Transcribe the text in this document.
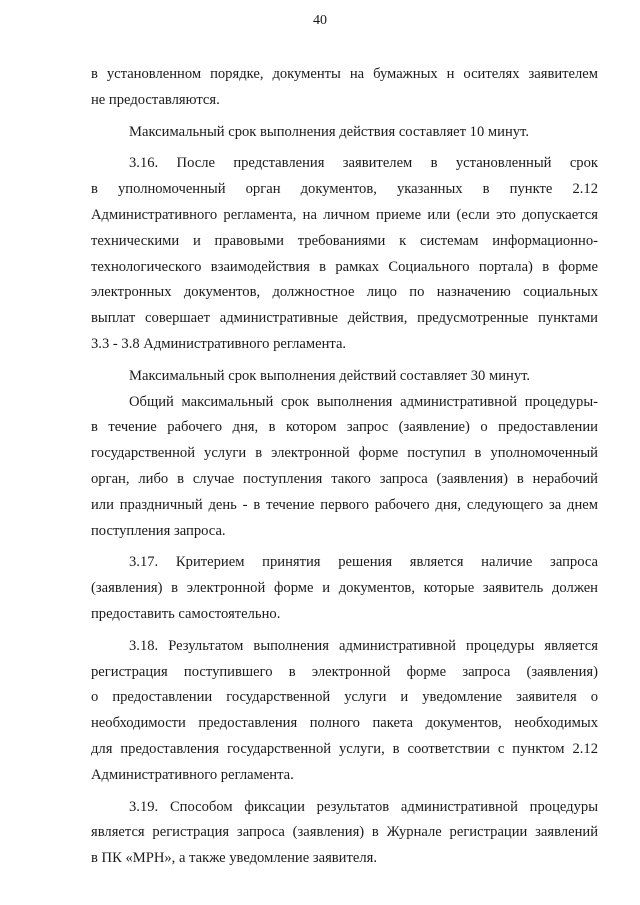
40
в установленном порядке, документы на бумажных н осителях заявителем
не предоставляются.
Максимальный срок выполнения действия составляет 10 минут.
3.16. После представления заявителем в установленный срок
в уполномоченный орган документов, указанных в пункте 2.12
Административного регламента, на личном приеме или (если это допускается
техническими и правовыми требованиями к системам информационно-
технологического взаимодействия в рамках Социального портала) в форме
электронных документов, должностное лицо по назначению социальных
выплат совершает административные действия, предусмотренные пунктами
3.3 - 3.8 Административного регламента.
Максимальный срок выполнения действий составляет 30 минут.
Общий максимальный срок выполнения административной процедуры-
в течение рабочего дня, в котором запрос (заявление) о предоставлении
государственной услуги в электронной форме поступил в уполномоченный
орган, либо в случае поступления такого запроса (заявления) в нерабочий
или праздничный день - в течение первого рабочего дня, следующего за днем
поступления запроса.
3.17. Критерием принятия решения является наличие запроса
(заявления) в электронной форме и документов, которые заявитель должен
предоставить самостоятельно.
3.18. Результатом выполнения административной процедуры является
регистрация поступившего в электронной форме запроса (заявления)
о предоставлении государственной услуги и уведомление заявителя о
необходимости предоставления полного пакета документов, необходимых
для предоставления государственной услуги, в соответствии с пунктом 2.12
Административного регламента.
3.19. Способом фиксации результатов административной процедуры
является регистрация запроса (заявления) в Журнале регистрации заявлений
в ПК «МРН», а также уведомление заявителя.
